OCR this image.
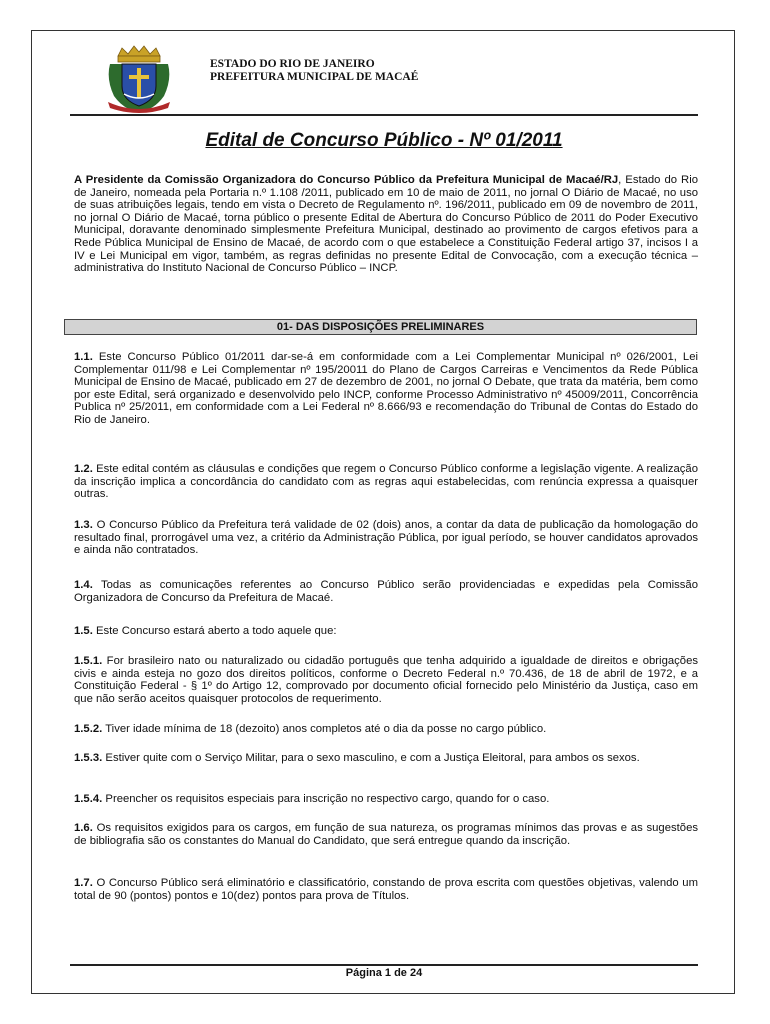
ESTADO DO RIO DE JANEIRO
PREFEITURA MUNICIPAL DE MACAÉ
Edital de Concurso Público - Nº 01/2011
A Presidente da Comissão Organizadora do Concurso Público da Prefeitura Municipal de Macaé/RJ, Estado do Rio de Janeiro, nomeada pela Portaria n.º 1.108 /2011, publicado em 10 de maio de 2011, no jornal O Diário de Macaé, no uso de suas atribuições legais, tendo em vista o Decreto de Regulamento nº. 196/2011, publicado em 09 de novembro de 2011, no jornal O Diário de Macaé, torna público o presente Edital de Abertura do Concurso Público de 2011 do Poder Executivo Municipal, doravante denominado simplesmente Prefeitura Municipal, destinado ao provimento de cargos efetivos para a Rede Pública Municipal de Ensino de Macaé, de acordo com o que estabelece a Constituição Federal artigo 37, incisos I a IV e Lei Municipal em vigor, também, as regras definidas no presente Edital de Convocação, com a execução técnica – administrativa do Instituto Nacional de Concurso Público – INCP.
01- DAS DISPOSIÇÕES PRELIMINARES
1.1. Este Concurso Público 01/2011 dar-se-á em conformidade com a Lei Complementar Municipal nº 026/2001, Lei Complementar 011/98 e Lei Complementar nº 195/20011 do Plano de Cargos Carreiras e Vencimentos da Rede Pública Municipal de Ensino de Macaé, publicado em 27 de dezembro de 2001, no jornal O Debate, que trata da matéria, bem como por este Edital, será organizado e desenvolvido pelo INCP, conforme Processo Administrativo nº 45009/2011, Concorrência Publica nº 25/2011, em conformidade com a Lei Federal nº 8.666/93 e recomendação do Tribunal de Contas do Estado do Rio de Janeiro.
1.2. Este edital contém as cláusulas e condições que regem o Concurso Público conforme a legislação vigente. A realização da inscrição implica a concordância do candidato com as regras aqui estabelecidas, com renúncia expressa a quaisquer outras.
1.3. O Concurso Público da Prefeitura terá validade de 02 (dois) anos, a contar da data de publicação da homologação do resultado final, prorrogável uma vez, a critério da Administração Pública, por igual período, se houver candidatos aprovados e ainda não contratados.
1.4. Todas as comunicações referentes ao Concurso Público serão providenciadas e expedidas pela Comissão Organizadora de Concurso da Prefeitura de Macaé.
1.5. Este Concurso estará aberto a todo aquele que:
1.5.1. For brasileiro nato ou naturalizado ou cidadão português que tenha adquirido a igualdade de direitos e obrigações civis e ainda esteja no gozo dos direitos políticos, conforme o Decreto Federal n.º 70.436, de 18 de abril de 1972, e a Constituição Federal - § 1º do Artigo 12, comprovado por documento oficial fornecido pelo Ministério da Justiça, caso em que não serão aceitos quaisquer protocolos de requerimento.
1.5.2. Tiver idade mínima de 18 (dezoito) anos completos até o dia da posse no cargo público.
1.5.3. Estiver quite com o Serviço Militar, para o sexo masculino, e com a Justiça Eleitoral, para ambos os sexos.
1.5.4. Preencher os requisitos especiais para inscrição no respectivo cargo, quando for o caso.
1.6. Os requisitos exigidos para os cargos, em função de sua natureza, os programas mínimos das provas e as sugestões de bibliografia são os constantes do Manual do Candidato, que será entregue quando da inscrição.
1.7. O Concurso Público será eliminatório e classificatório, constando de prova escrita com questões objetivas, valendo um total de 90 (pontos) pontos e 10(dez) pontos para prova de Títulos.
Página 1 de 24
